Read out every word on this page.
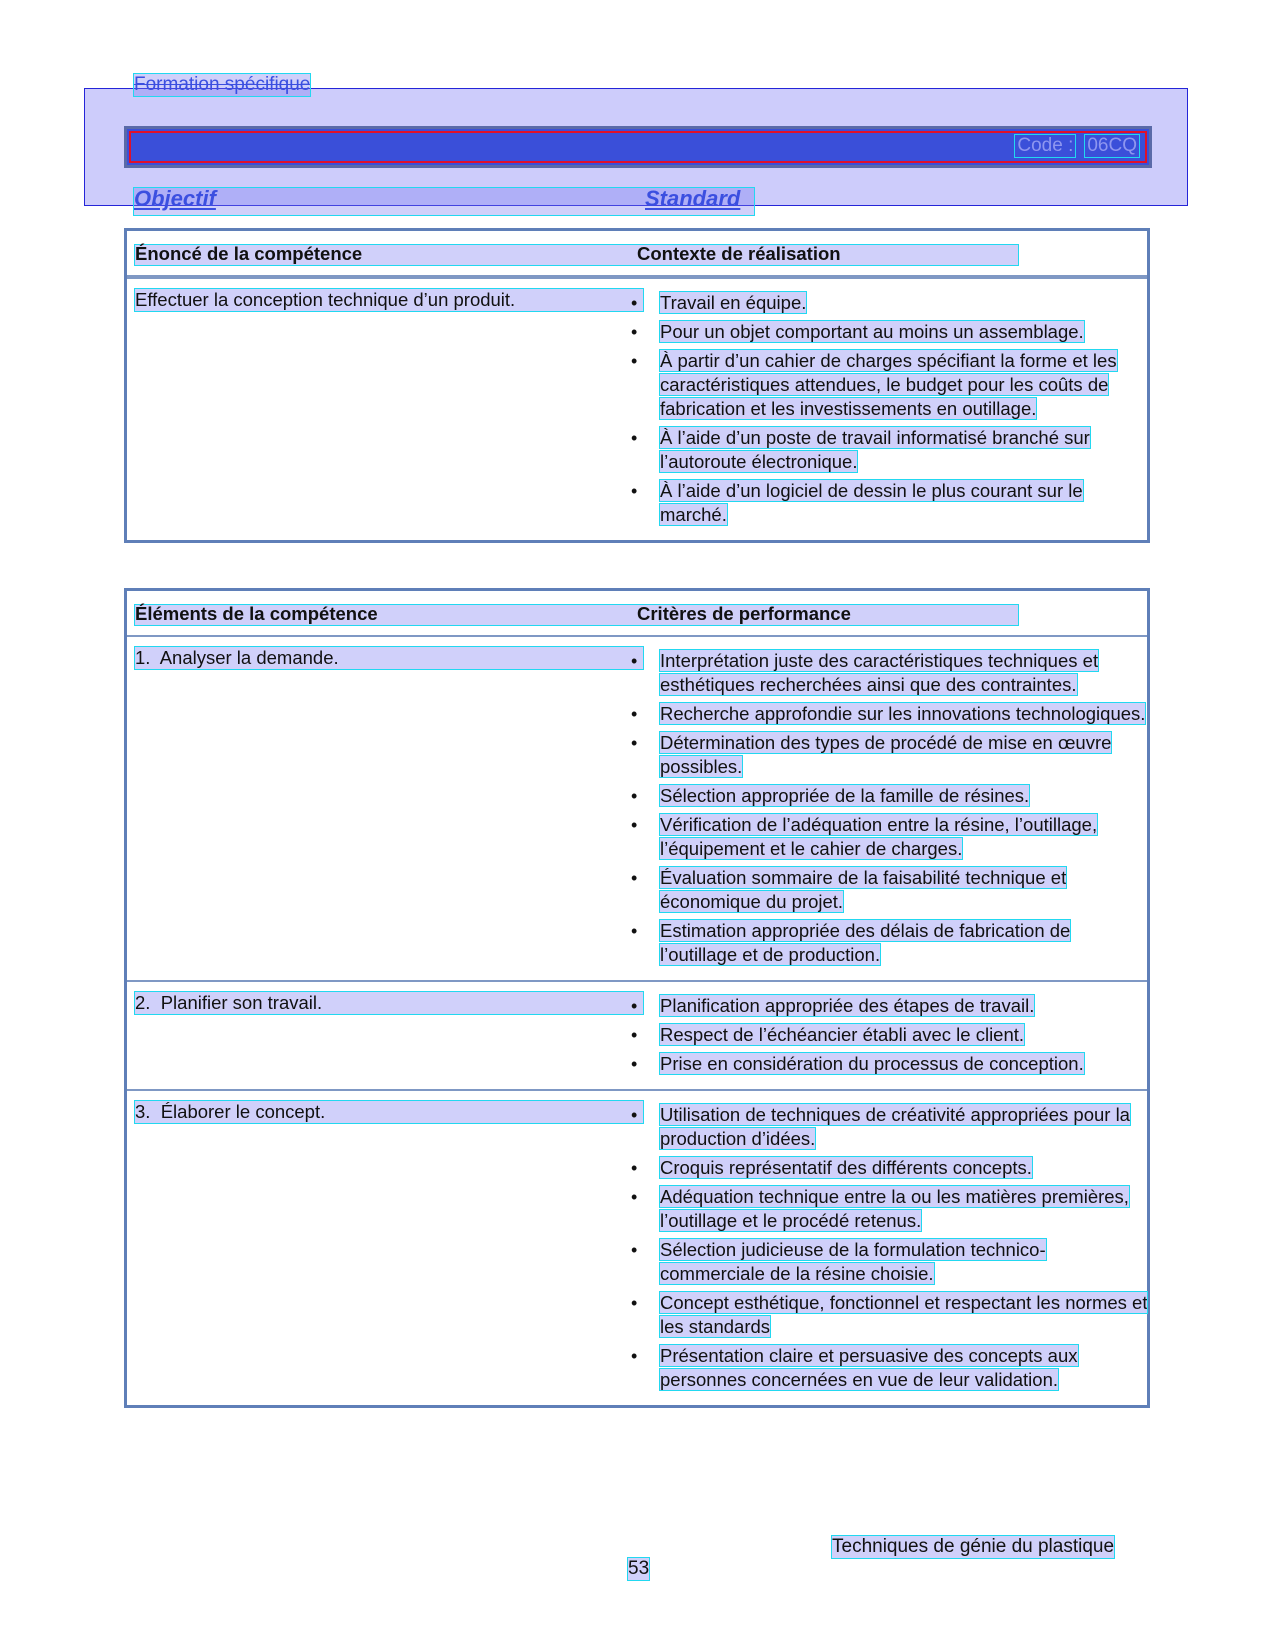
Formation spécifique
Code : 06CQ
Objectif	Standard
Énoncé de la compétence	Contexte de réalisation
Effectuer la conception technique d’un produit.	• Travail en équipe.
• Pour un objet comportant au moins un assemblage.
• À partir d’un cahier de charges spécifiant la forme et les caractéristiques attendues, le budget pour les coûts de fabrication et les investissements en outillage.
• À l’aide d’un poste de travail informatisé branché sur l’autoroute électronique.
• À l’aide d’un logiciel de dessin le plus courant sur le marché.
Éléments de la compétence	Critères de performance
1.  Analyser la demande.	• Interprétation juste des caractéristiques techniques et esthétiques recherchées ainsi que des contraintes.
• Recherche approfondie sur les innovations technologiques.
• Détermination des types de procédé de mise en œuvre possibles.
• Sélection appropriée de la famille de résines.
• Vérification de l’adéquation entre la résine, l’outillage, l’équipement et le cahier de charges.
• Évaluation sommaire de la faisabilité technique et économique du projet.
• Estimation appropriée des délais de fabrication de l’outillage et de production.
2.  Planifier son travail.	• Planification appropriée des étapes de travail.
• Respect de l’échéancier établi avec le client.
• Prise en considération du processus de conception.
3.  Élaborer le concept.	• Utilisation de techniques de créativité appropriées pour la production d’idées.
• Croquis représentatif des différents concepts.
• Adéquation technique entre la ou les matières premières, l’outillage et le procédé retenus.
• Sélection judicieuse de la formulation technico-commerciale de la résine choisie.
• Concept esthétique, fonctionnel et respectant les normes et les standards
• Présentation claire et persuasive des concepts aux personnes concernées en vue de leur validation.
Techniques de génie du plastique
53
